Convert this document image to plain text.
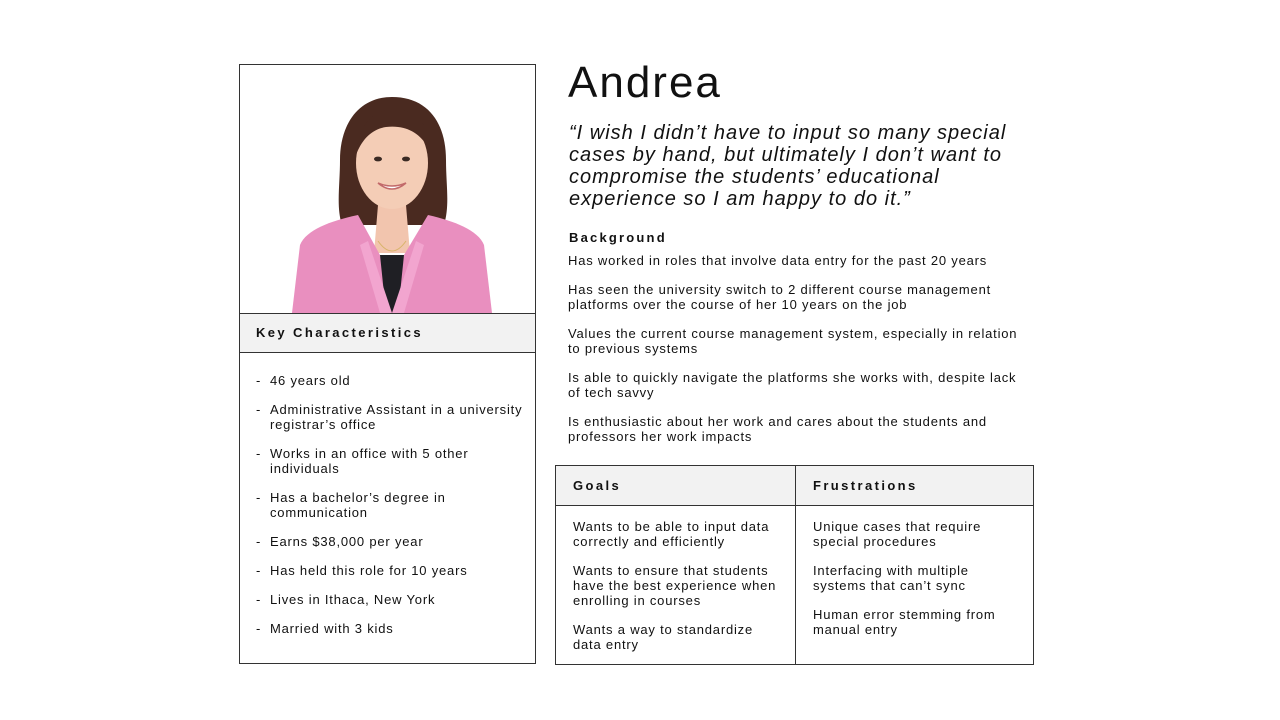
Key Characteristics
- 46 years old
- Administrative Assistant in a university registrar’s office
- Works in an office with 5 other individuals
- Has a bachelor’s degree in communication
- Earns $38,000 per year
- Has held this role for 10 years
- Lives in Ithaca, New York
- Married with 3 kids
Andrea

“I wish I didn’t have to input so many special cases by hand, but ultimately I don’t want to compromise the students’ educational experience so I am happy to do it.”

Background

Has worked in roles that involve data entry for the past 20 years

Has seen the university switch to 2 different course management platforms over the course of her 10 years on the job

Values the current course management system, especially in relation to previous systems

Is able to quickly navigate the platforms she works with, despite lack of tech savvy

Is enthusiastic about her work and cares about the students and professors her work impacts

Goals

Wants to be able to input data correctly and efficiently

Wants to ensure that students have the best experience when enrolling in courses

Wants a way to standardize data entry

Frustrations

Unique cases that require special procedures

Interfacing with multiple systems that can’t sync

Human error stemming from manual entry
